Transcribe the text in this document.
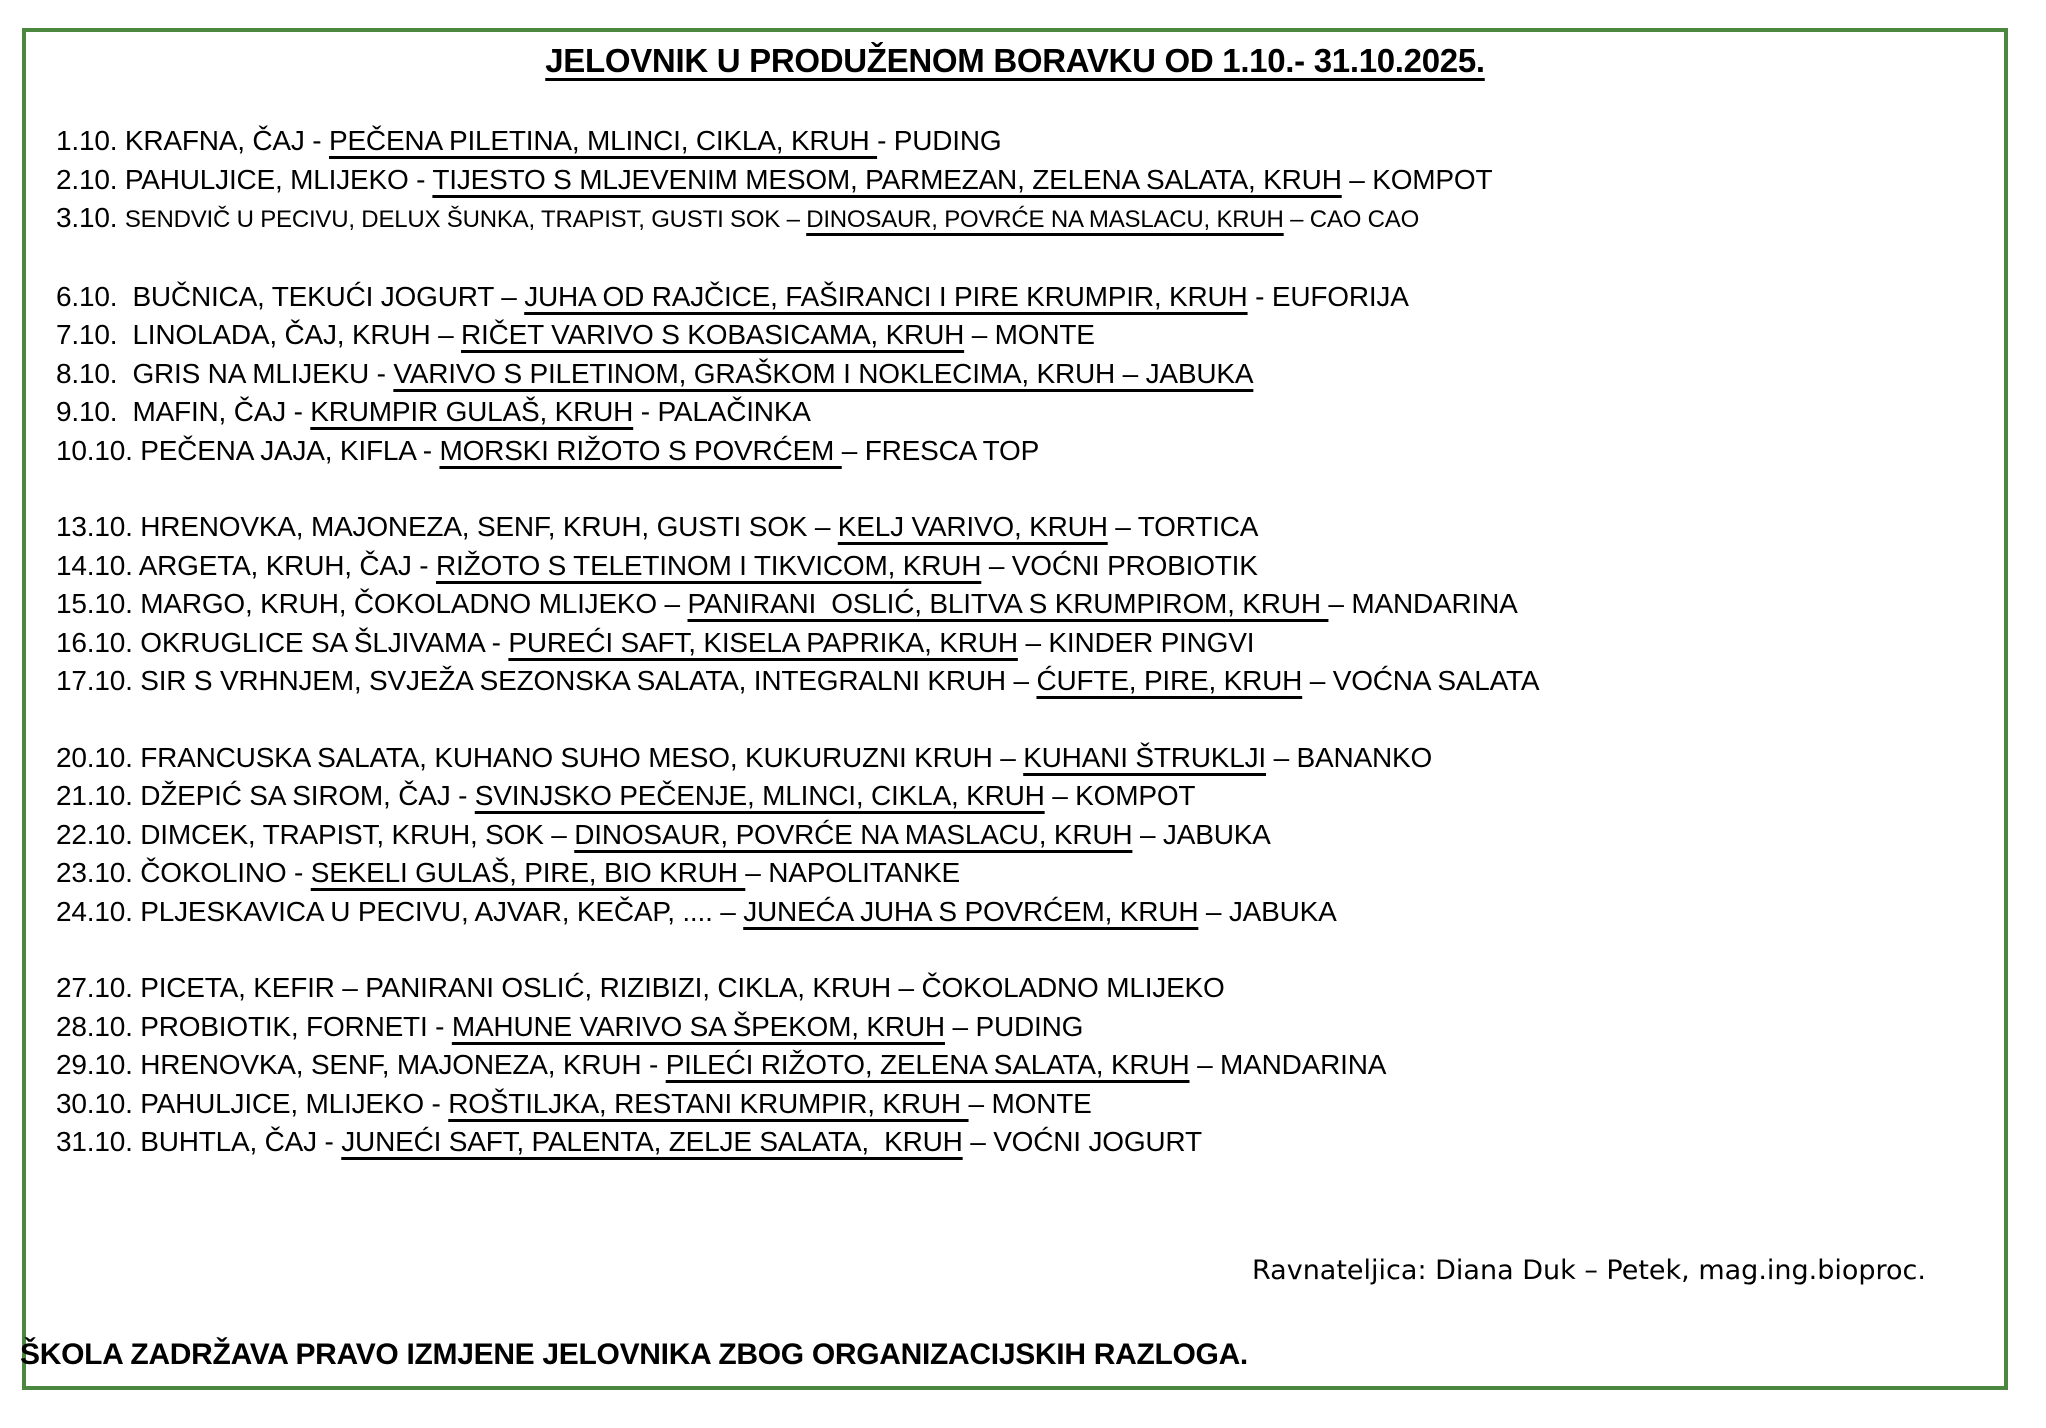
JELOVNIK U PRODUŽENOM BORAVKU OD 1.10.- 31.10.2025.
1.10. KRAFNA, ČAJ - PEČENA PILETINA, MLINCI, CIKLA, KRUH - PUDING
2.10. PAHULJICE, MLIJEKO - TIJESTO S MLJEVENIM MESOM, PARMEZAN, ZELENA SALATA, KRUH – KOMPOT
3.10. SENDVIČ U PECIVU, DELUX ŠUNKA, TRAPIST, GUSTI SOK – DINOSAUR, POVRĆE NA MASLACU, KRUH – CAO CAO
6.10.  BUČNICA, TEKUĆI JOGURT – JUHA OD RAJČICE, FAŠIRANCI I PIRE KRUMPIR, KRUH - EUFORIJA
7.10.  LINOLADA, ČAJ, KRUH – RIČET VARIVO S KOBASICAMA, KRUH – MONTE
8.10.  GRIS NA MLIJEKU - VARIVO S PILETINOM, GRAŠKOM I NOKLECIMA, KRUH – JABUKA
9.10.  MAFIN, ČAJ - KRUMPIR GULAŠ, KRUH - PALAČINKA
10.10. PEČENA JAJA, KIFLA - MORSKI RIŽOTO S POVRĆEM – FRESCA TOP
13.10. HRENOVKA, MAJONEZA, SENF, KRUH, GUSTI SOK – KELJ VARIVO, KRUH – TORTICA
14.10. ARGETA, KRUH, ČAJ - RIŽOTO S TELETINOM I TIKVICOM, KRUH – VOĆNI PROBIOTIK
15.10. MARGO, KRUH, ČOKOLADNO MLIJEKO – PANIRANI  OSLIĆ, BLITVA S KRUMPIROM, KRUH – MANDARINA
16.10. OKRUGLICE SA ŠLJIVAMA - PUREĆI SAFT, KISELA PAPRIKA, KRUH – KINDER PINGVI
17.10. SIR S VRHNJEM, SVJEŽA SEZONSKA SALATA, INTEGRALNI KRUH – ĆUFTE, PIRE, KRUH – VOĆNA SALATA
20.10. FRANCUSKA SALATA, KUHANO SUHO MESO, KUKURUZNI KRUH – KUHANI ŠTRUKLJI – BANANKO
21.10. DŽEPIĆ SA SIROM, ČAJ - SVINJSKO PEČENJE, MLINCI, CIKLA, KRUH – KOMPOT
22.10. DIMCEK, TRAPIST, KRUH, SOK – DINOSAUR, POVRĆE NA MASLACU, KRUH – JABUKA
23.10. ČOKOLINO - SEKELI GULAŠ, PIRE, BIO KRUH – NAPOLITANKE
24.10. PLJESKAVICA U PECIVU, AJVAR, KEČAP, .... – JUNEĆA JUHA S POVRĆEM, KRUH – JABUKA
27.10. PICETA, KEFIR – PANIRANI OSLIĆ, RIZIBIZI, CIKLA, KRUH – ČOKOLADNO MLIJEKO
28.10. PROBIOTIK, FORNETI - MAHUNE VARIVO SA ŠPEKOM, KRUH – PUDING
29.10. HRENOVKA, SENF, MAJONEZA, KRUH - PILEĆI RIŽOTO, ZELENA SALATA, KRUH – MANDARINA
30.10. PAHULJICE, MLIJEKO - ROŠTILJKA, RESTANI KRUMPIR, KRUH – MONTE
31.10. BUHTLA, ČAJ - JUNEĆI SAFT, PALENTA, ZELJE SALATA,  KRUH – VOĆNI JOGURT
Ravnateljica: Diana Duk – Petek, mag.ing.bioproc.
ŠKOLA ZADRŽAVA PRAVO IZMJENE JELOVNIKA ZBOG ORGANIZACIJSKIH RAZLOGA.
